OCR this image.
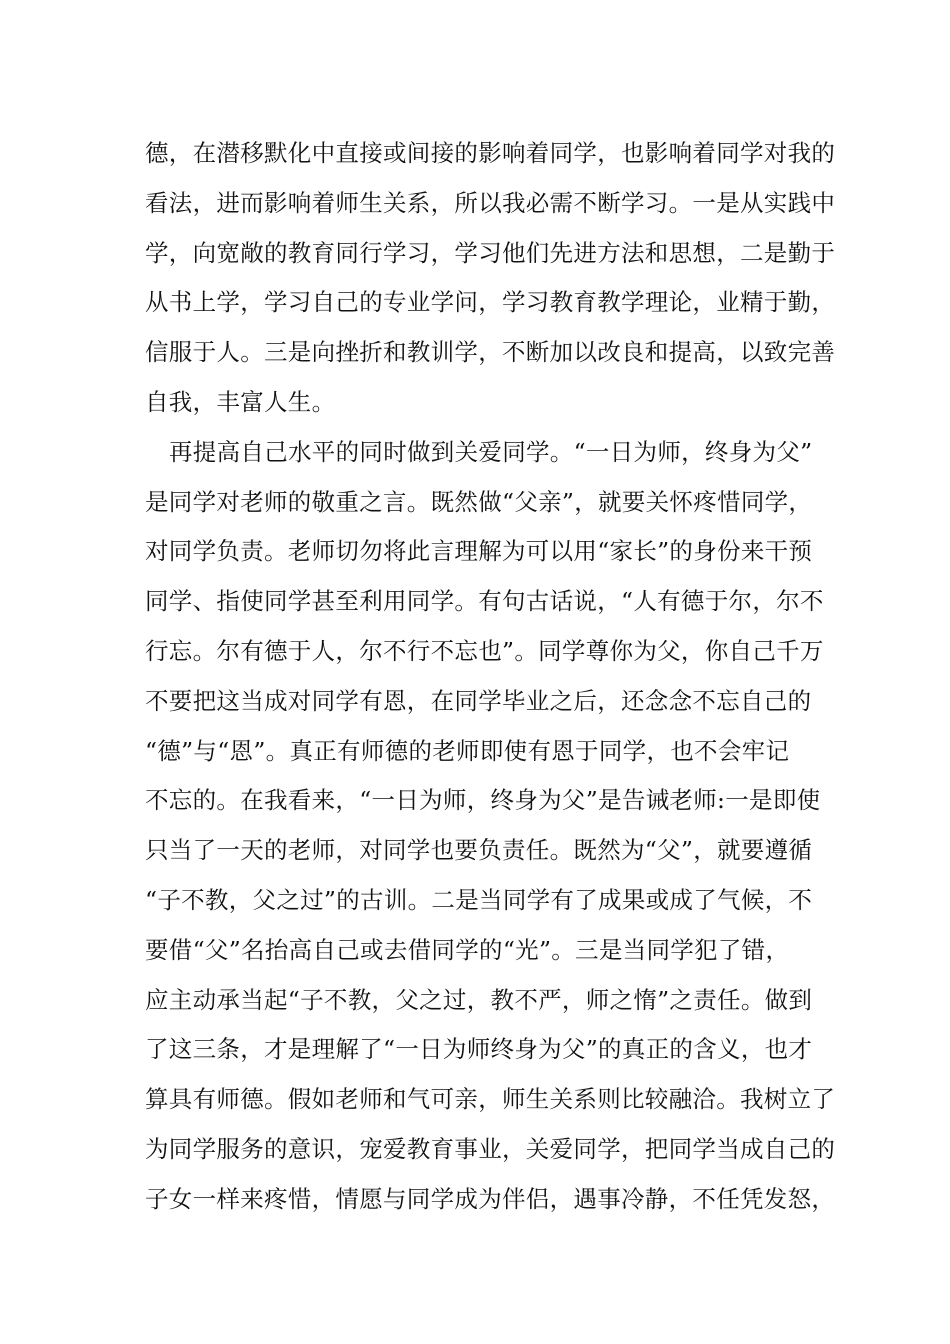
德，在潜移默化中直接或间接的影响着同学，也影响着同学对我的
看法，进而影响着师生关系，所以我必需不断学习。一是从实践中
学，向宽敞的教育同行学习，学习他们先进方法和思想，二是勤于
从书上学，学习自己的专业学问，学习教育教学理论，业精于勤，
信服于人。三是向挫折和教训学，不断加以改良和提高，以致完善
自我，丰富人生。
再提高自己水平的同时做到关爱同学。“一日为师，终身为父”
是同学对老师的敬重之言。既然做“父亲”，就要关怀疼惜同学，
对同学负责。老师切勿将此言理解为可以用“家长”的身份来干预
同学、指使同学甚至利用同学。有句古话说，“人有德于尔，尔不
行忘。尔有德于人，尔不行不忘也”。同学尊你为父，你自己千万
不要把这当成对同学有恩，在同学毕业之后，还念念不忘自己的
“德”与“恩”。真正有师德的老师即使有恩于同学，也不会牢记
不忘的。在我看来，“一日为师，终身为父”是告诫老师:一是即使
只当了一天的老师，对同学也要负责任。既然为“父”，就要遵循
“子不教，父之过”的古训。二是当同学有了成果或成了气候，不
要借“父”名抬高自己或去借同学的“光”。三是当同学犯了错，
应主动承当起“子不教，父之过，教不严，师之惰”之责任。做到
了这三条，才是理解了“一日为师终身为父”的真正的含义，也才
算具有师德。假如老师和气可亲，师生关系则比较融洽。我树立了
为同学服务的意识，宠爱教育事业，关爱同学，把同学当成自己的
子女一样来疼惜，情愿与同学成为伴侣，遇事冷静，不任凭发怒，
